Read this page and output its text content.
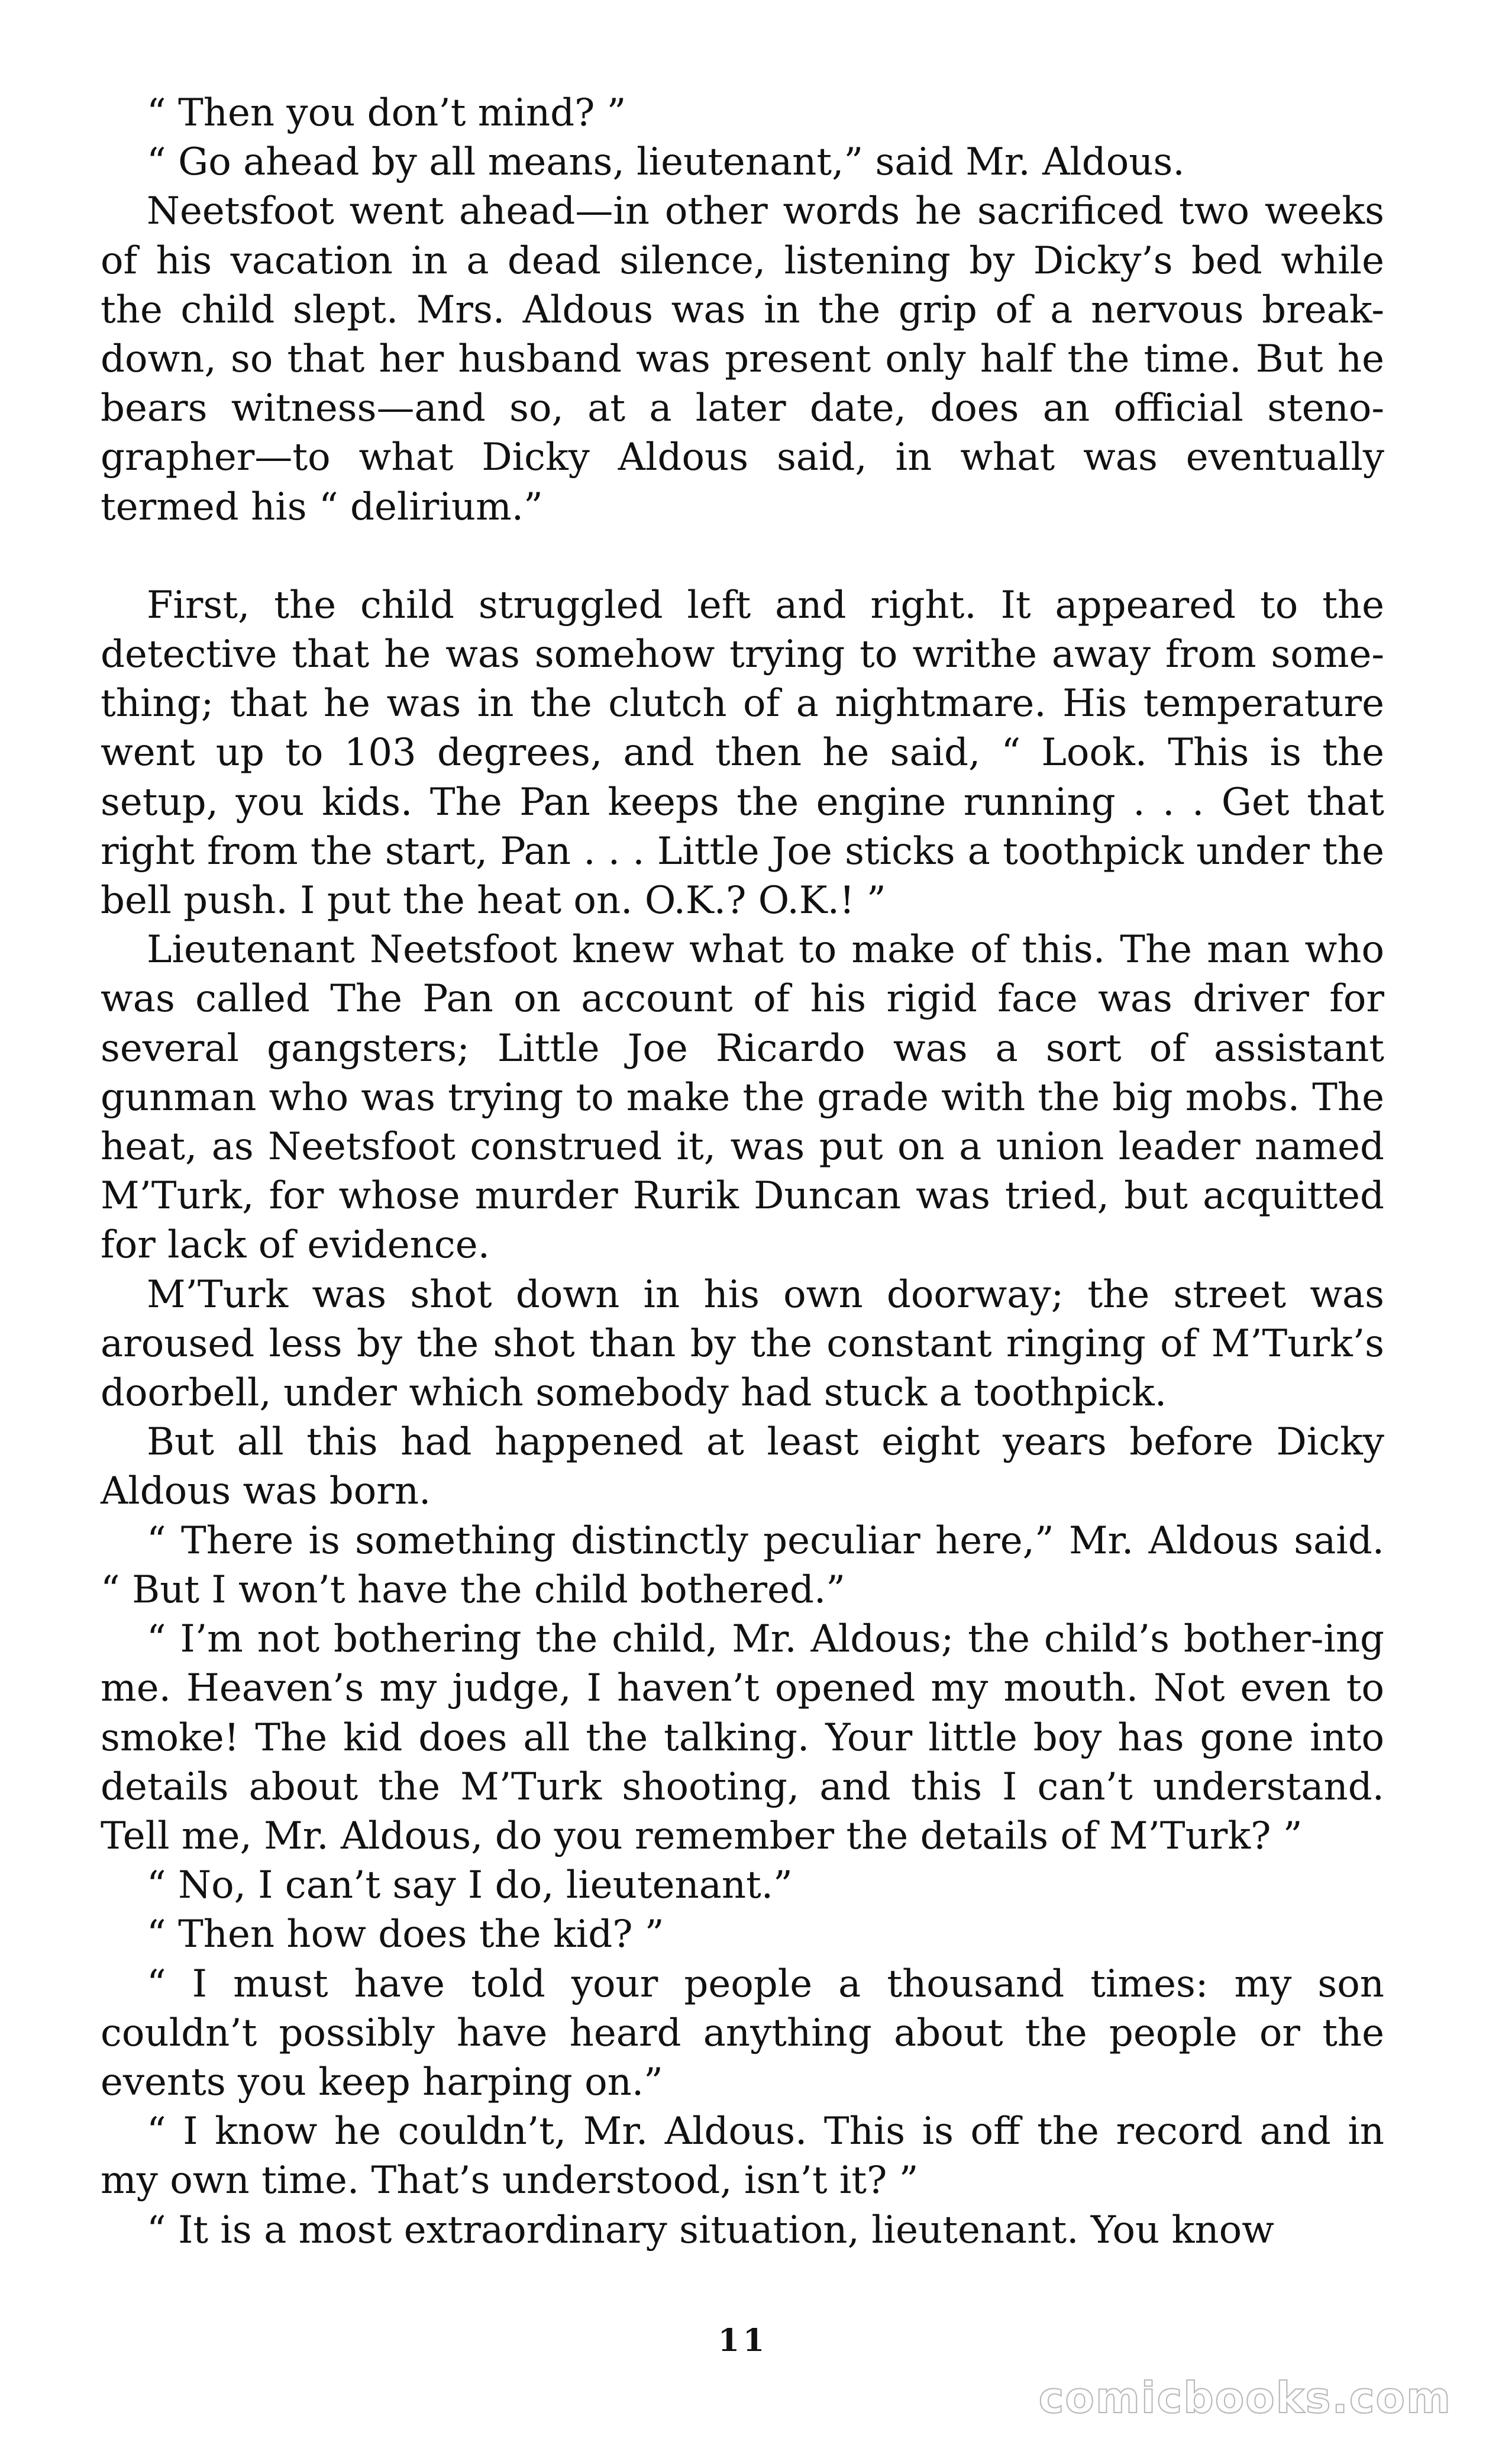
“ Then you don’t mind? ”

“ Go ahead by all means, lieutenant,” said Mr. Aldous.

Neetsfoot went ahead—in other words he sacrificed two weeks of his vacation in a dead silence, listening by Dicky’s bed while the child slept. Mrs. Aldous was in the grip of a nervous break-down, so that her husband was present only half the time. But he bears witness—and so, at a later date, does an official steno-grapher—to what Dicky Aldous said, in what was eventually termed his “ delirium.”

First, the child struggled left and right. It appeared to the detective that he was somehow trying to writhe away from some-thing; that he was in the clutch of a nightmare. His temperature went up to 103 degrees, and then he said, “ Look. This is the setup, you kids. The Pan keeps the engine running . . . Get that right from the start, Pan . . . Little Joe sticks a toothpick under the bell push. I put the heat on. O.K.? O.K.! ”

Lieutenant Neetsfoot knew what to make of this. The man who was called The Pan on account of his rigid face was driver for several gangsters; Little Joe Ricardo was a sort of assistant gunman who was trying to make the grade with the big mobs. The heat, as Neetsfoot construed it, was put on a union leader named M’Turk, for whose murder Rurik Duncan was tried, but acquitted for lack of evidence.

M’Turk was shot down in his own doorway; the street was aroused less by the shot than by the constant ringing of M’Turk’s doorbell, under which somebody had stuck a toothpick.

But all this had happened at least eight years before Dicky Aldous was born.

“ There is something distinctly peculiar here,” Mr. Aldous said. “ But I won’t have the child bothered.”

“ I’m not bothering the child, Mr. Aldous; the child’s bother-ing me. Heaven’s my judge, I haven’t opened my mouth. Not even to smoke! The kid does all the talking. Your little boy has gone into details about the M’Turk shooting, and this I can’t understand. Tell me, Mr. Aldous, do you remember the details of M’Turk? ”

“ No, I can’t say I do, lieutenant.”

“ Then how does the kid? ”

“ I must have told your people a thousand times: my son couldn’t possibly have heard anything about the people or the events you keep harping on.”

“ I know he couldn’t, Mr. Aldous. This is off the record and in my own time. That’s understood, isn’t it? ”

“ It is a most extraordinary situation, lieutenant. You know

11
comicbooks.com
